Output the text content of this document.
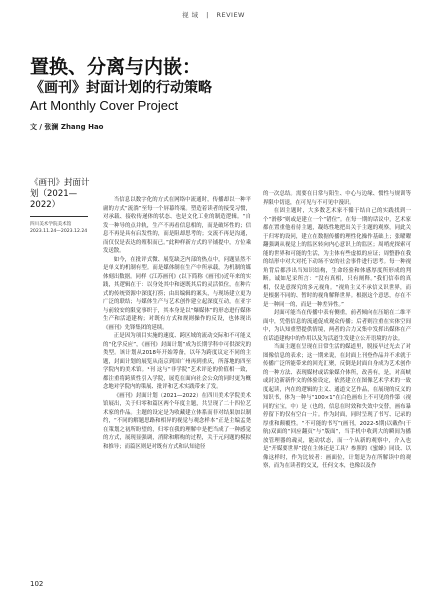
视 域 | REVIEW
置换、分离与内嵌：
《画刊》封面计划的行动策略
Art Monthly Cover Project
文 / 张澜 Zhang Hao
《画刊》封面计
划（2021—2022）
四川美术学院美术馆
2023.11.24—2023.12.24

当信息以数字化的方式在网络中流通时，传播却以一种平庸的方式“流淌”至每一个屏幕终端。塑造着读者的接受习惯，对承载、接收传递体的状态、也是文化工业的制造逻辑。“自发一种导的点并轨，生产不再看信息相的，而是破坏性的；信息不再是具有启发性的，而是阻却思考的；交流不再是沟通，而仅仅是表达的殖积而已。”此种样新方式的平铺提中，方位乘发送散。

如今，在批评式微、展览缺乏内部的热点中，问题显然不是单义的机制有型。而是媒体制在生产中所承载，为机制的媒体刻出数据。同样《江苏画刊》(以下简称《画刊》)近年来的实践，其逻辑在于：以身处其中和逐既其后的灵活似位，在种片式的传统资源中深度打捞；由出编辑的案头，与现场建立更为广泛的联结；与媒体生产与艺术创作建立起深度互动，在亚字与前较安的限觉事织于，其本身是以“爆媒体”的形态进行媒体生产和活道建构；对既有方式和规则操作的反设，也体现出《画刊》先锋集团的延续。

正是因为项目实施的速度、跨区域的流动交际和不可能义的“化学反应”，《画刊》封面计划”成为长期学科中可供深究的类型。该计划从2018年开始筹备，以年为跨度议定不同的主题，封面计划的展览从南京到国广州再到重庆，所落地的四至学院内的美术馆。¹刊 这与“非学院”艺术评论的价值相一致，都注重将跨质性引入学院，展览在面向社会公众的同时更为概念地对学院内的策展、批评和艺术实践带来了发。

《画刊》封面计划（2021—2022）在四川美术学院美术馆展出，关于归零和篇区两个年度主题，共呈现了二十四位艺术家的作品。主题的设定是为收藏建立体系而非对结果加以制约，“不同的解题思路和相异的视觉与观念样本”正是主编孟尧在策划之初所盼望的，归零在我的理解中是把当成了一种感觉的方式，展现显强调，消除和解构的过程，关于元问题的模拟和推导；而篇区则是对既有方式和认知途径

的一次总结。需要在日常与阳生、中心与边缘、惯性与规训等界限中切退，在可见与不可见中漫识。

在固主题时，大多数艺术家不循于结自己的实践找到一个“滑移”则或是建立一个“错位”。在每一期的话议中，艺术家都在置重他看待主题，凝练性地把出关于主题的观察，同此关于归零的设问，建立在数据传播的理性化操作基础上；张曜曜翻强调从视觉上的监区转向内心意识上的监区；周哨虎探索可能的世界和可能的生活，为主体有些虚拟的应证；周整静在我的结形中对大对托下动场不安的社会事件进行思考。每一种视角背后都涉出当知识结构，生命经验和体感厚度所形成的判断。诚如尼采所言：“没有真相，只有阐释。”我们信奉的真相，仅是意探究的多元视角。“视角主义不承信义识世界，而是根据不同的、暂时的视角解释世界。根据这个意思，存在不是一种同一的，而是一种差异性。”

封面可能当在传播中表有侧重，前者倾向在压缩在二维平面中，凭借信息的流通促成观众传播；后者则注重在实体空间中，为认知重塑提供情境，两者的合力又集中发挥出媒体在产在话道建构中的作用以及为活道生发建立公开语境的方法。

当面主题在呈现在日常生活的媒道里，脱接早过光去了对图像信息的表求；这一期来说，在封面上刊登作品并不求就于传播广泛所能带来的回光汇聚，反倒是封面自身成为艺术创作的一种方法、表现媒材或话象媒介体所，改善有，是，对高峡或封边新新作文的体验设定，依然建立在图像艺术学术的一致度起读，内在的逻辑的主义、通道文艺作品，在展现的反义的知识书，体为一种与“100×1”在白色画布上不可见的作第（视同的宝宝，中）是（也的，信息在时效和失效中交替，画布暴停留下的仅有空白一片。作为封面，同时呈现了书写、记录的厚重和颠覆性。“不可能的书写”(画刊，2022-5期)以戴作(干航)双面的“回应翻页”与“版面”，当手机中收到大的瞬间为播放管理器的魂灵，能动状态，而一个从新的观察中，介入也是“开媒要世界”提在主体还是工具？参照的《蜜蜂》同设、以像这样时，作为比较者：画面位，计划是为在所解读中的观察，而为在读者的交叉，任何文本，也像以及作

102
